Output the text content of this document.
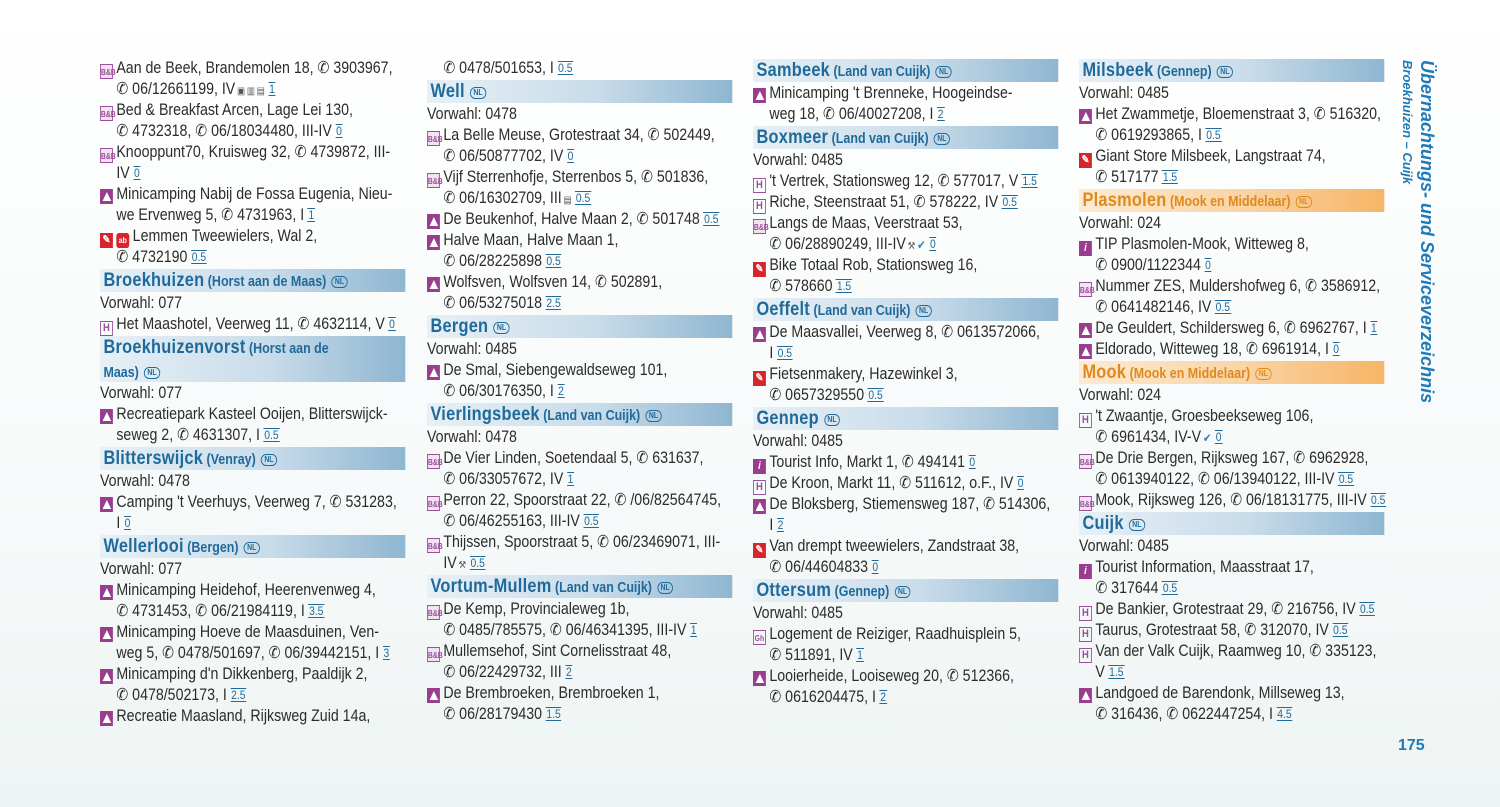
B&BAan de Beek, Brandemolen 18, ✆ 3903967,
✆ 06/12661199, IV ▣ ▥ ▤ 1
B&BBed & Breakfast Arcen, Lage Lei 130,
✆ 4732318, ✆ 06/18034480, III-IV 0
B&BKnooppunt70, Kruisweg 32, ✆ 4739872, III-
IV 0
Minicamping Nabij de Fossa Eugenia, Nieu-
we Ervenweg 5, ✆ 4731963, I 1
✎ ab Lemmen Tweewielers, Wal 2,
✆ 4732190 0.5
Broekhuizen (Horst aan de Maas) NL
Vorwahl: 077
H Het Maashotel, Veerweg 11, ✆ 4632114, V 0
Broekhuizenvorst (Horst aan de
Maas) NL
Vorwahl: 077
Recreatiepark Kasteel Ooijen, Blitterswijck-
seweg 2, ✆ 4631307, I 0.5
Blitterswijck (Venray) NL
Vorwahl: 0478
Camping 't Veerhuys, Veerweg 7, ✆ 531283,
I 0
Wellerlooi (Bergen) NL
Vorwahl: 077
Minicamping Heidehof, Heerenvenweg 4,
✆ 4731453, ✆ 06/21984119, I 3.5
Minicamping Hoeve de Maasduinen, Ven-
weg 5, ✆ 0478/501697, ✆ 06/39442151, I 3
Minicamping d'n Dikkenberg, Paaldijk 2,
✆ 0478/502173, I 2.5
Recreatie Maasland, Rijksweg Zuid 14a,
✆ 0478/501653, I 0.5
Well NL
Vorwahl: 0478
B&BLa Belle Meuse, Grotestraat 34, ✆ 502449,
✆ 06/50877702, IV 0
B&BVijf Sterrenhofje, Sterrenbos 5, ✆ 501836,
✆ 06/16302709, III ▤ 0.5
De Beukenhof, Halve Maan 2, ✆ 501748 0.5
Halve Maan, Halve Maan 1,
✆ 06/28225898 0.5
Wolfsven, Wolfsven 14, ✆ 502891,
✆ 06/53275018 2.5
Bergen NL
Vorwahl: 0485
De Smal, Siebengewaldseweg 101,
✆ 06/30176350, I 2
Vierlingsbeek (Land van Cuijk) NL
Vorwahl: 0478
B&BDe Vier Linden, Soetendaal 5, ✆ 631637,
✆ 06/33057672, IV 1
B&BPerron 22, Spoorstraat 22, ✆ /06/82564745,
✆ 06/46255163, III-IV 0.5
B&BThijssen, Spoorstraat 5, ✆ 06/23469071, III-
IV ⚒ 0.5
Vortum-Mullem (Land van Cuijk) NL
B&BDe Kemp, Provincialeweg 1b,
✆ 0485/785575, ✆ 06/46341395, III-IV 1
B&BMullemsehof, Sint Cornelisstraat 48,
✆ 06/22429732, III 2
De Brembroeken, Brembroeken 1,
✆ 06/28179430 1.5
Sambeek (Land van Cuijk) NL
Minicamping 't Brenneke, Hoogeindse-
weg 18, ✆ 06/40027208, I 2
Boxmeer (Land van Cuijk) NL
Vorwahl: 0485
H 't Vertrek, Stationsweg 12, ✆ 577017, V 1.5
H Riche, Steenstraat 51, ✆ 578222, IV 0.5
B&BLangs de Maas, Veerstraat 53,
✆ 06/28890249, III-IV ⚒ ✔ 0
✎ Bike Totaal Rob, Stationsweg 16,
✆ 578660 1.5
Oeffelt (Land van Cuijk) NL
De Maasvallei, Veerweg 8, ✆ 0613572066,
I 0.5
✎ Fietsenmakery, Hazewinkel 3,
✆ 0657329550 0.5
Gennep NL
Vorwahl: 0485
i Tourist Info, Markt 1, ✆ 494141 0
H De Kroon, Markt 11, ✆ 511612, o.F., IV 0
De Bloksberg, Stiemensweg 187, ✆ 514306,
I 2
✎ Van drempt tweewielers, Zandstraat 38,
✆ 06/44604833 0
Ottersum (Gennep) NL
Vorwahl: 0485
Gh Logement de Reiziger, Raadhuisplein 5,
✆ 511891, IV 1
Looierheide, Looiseweg 20, ✆ 512366,
✆ 0616204475, I 2
Milsbeek (Gennep) NL
Vorwahl: 0485
Het Zwammetje, Bloemenstraat 3, ✆ 516320,
✆ 0619293865, I 0.5
✎ Giant Store Milsbeek, Langstraat 74,
✆ 517177 1.5
Plasmolen (Mook en Middelaar) NL
Vorwahl: 024
i TIP Plasmolen-Mook, Witteweg 8,
✆ 0900/1122344 0
B&BNummer ZES, Muldershofweg 6, ✆ 3586912,
✆ 0641482146, IV 0.5
De Geuldert, Schildersweg 6, ✆ 6962767, I 1
Eldorado, Witteweg 18, ✆ 6961914, I 0
Mook (Mook en Middelaar) NL
Vorwahl: 024
H 't Zwaantje, Groesbeekseweg 106,
✆ 6961434, IV-V ✔ 0
B&BDe Drie Bergen, Rijksweg 167, ✆ 6962928,
✆ 0613940122, ✆ 06/13940122, III-IV 0.5
B&BMook, Rijksweg 126, ✆ 06/18131775, III-IV 0.5
Cuijk NL
Vorwahl: 0485
i Tourist Information, Maasstraat 17,
✆ 317644 0.5
H De Bankier, Grotestraat 29, ✆ 216756, IV 0.5
H Taurus, Grotestraat 58, ✆ 312070, IV 0.5
H Van der Valk Cuijk, Raamweg 10, ✆ 335123,
V 1.5
Landgoed de Barendonk, Millseweg 13,
✆ 316436, ✆ 0622447254, I 4.5
Übernachtungs- und Serviceverzeichnis
Broekhuizen – Cuijk
175
